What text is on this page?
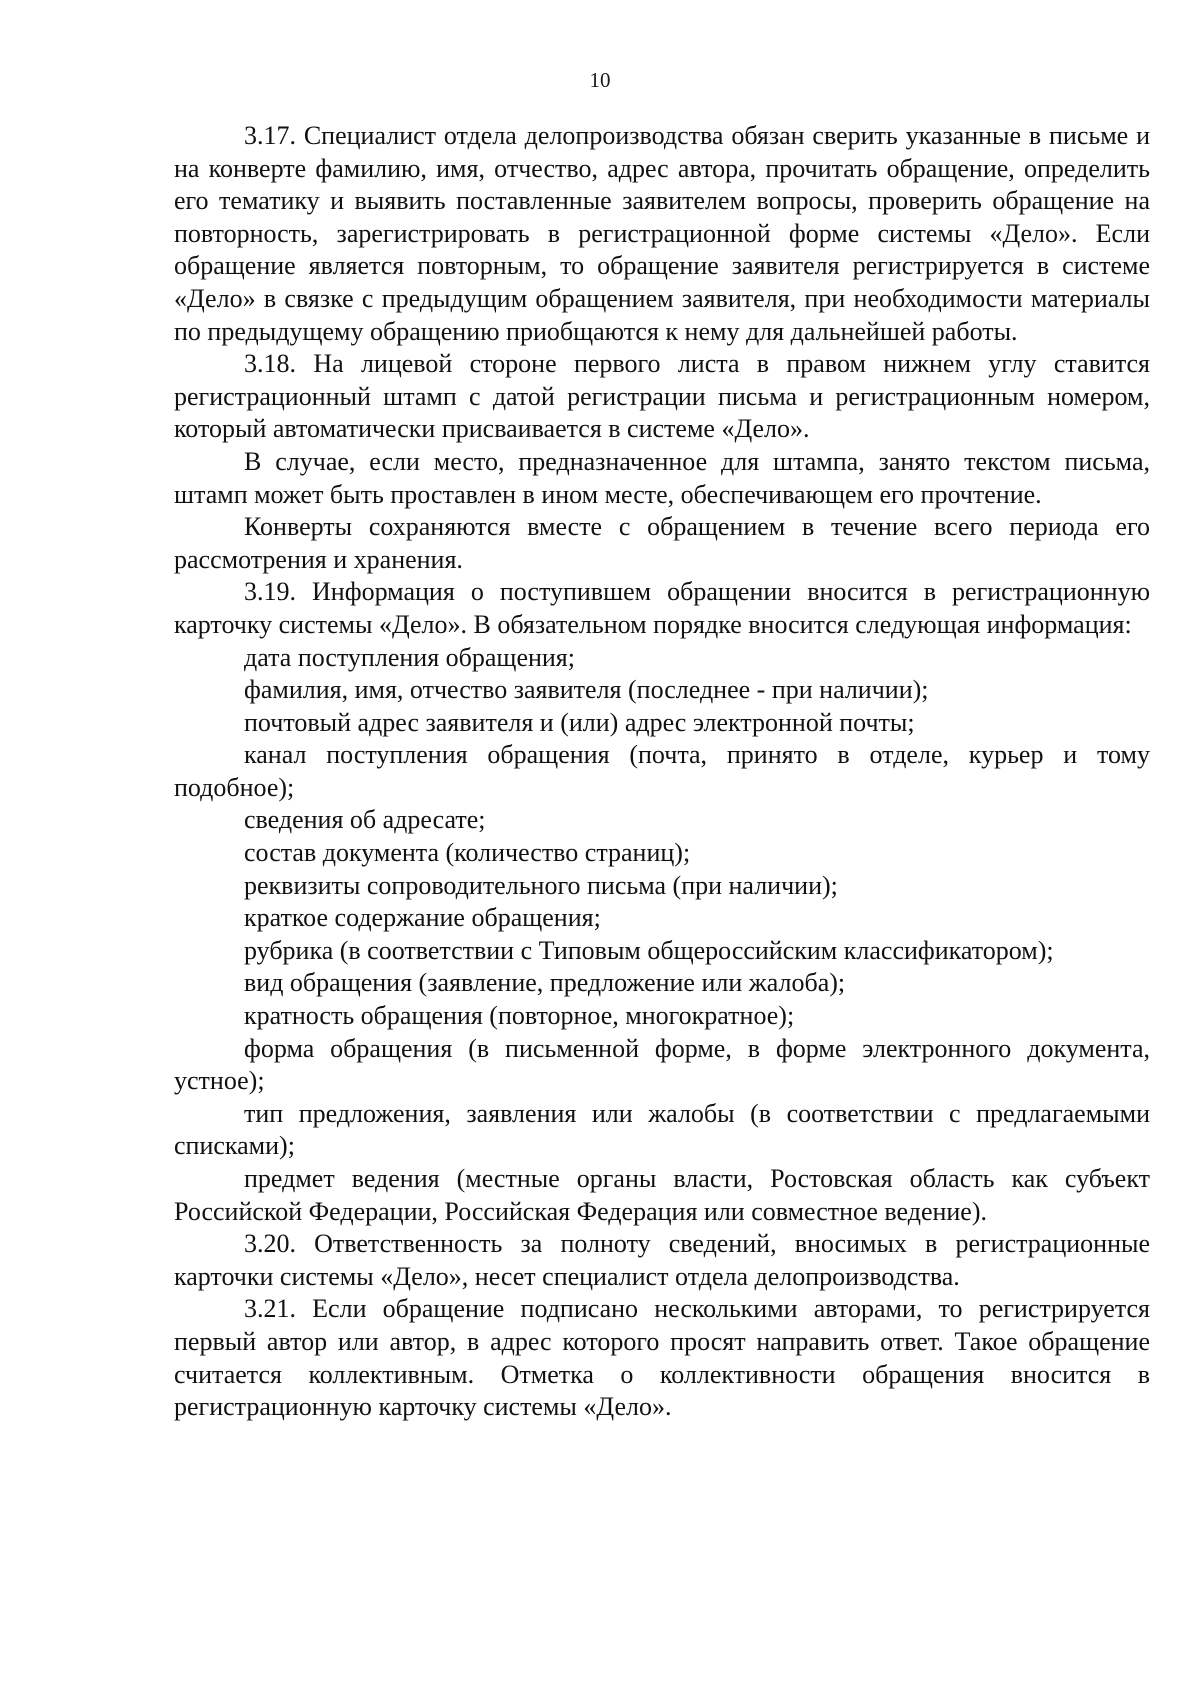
10

3.17. Специалист отдела делопроизводства обязан сверить указанные в письме и на конверте фамилию, имя, отчество, адрес автора, прочитать обращение, определить его тематику и выявить поставленные заявителем вопросы, проверить обращение на повторность, зарегистрировать в регистрационной форме системы «Дело». Если обращение является повторным, то обращение заявителя регистрируется в системе «Дело» в связке с предыдущим обращением заявителя, при необходимости материалы по предыдущему обращению приобщаются к нему для дальнейшей работы.

3.18. На лицевой стороне первого листа в правом нижнем углу ставится регистрационный штамп с датой регистрации письма и регистрационным номером, который автоматически присваивается в системе «Дело».

В случае, если место, предназначенное для штампа, занято текстом письма, штамп может быть проставлен в ином месте, обеспечивающем его прочтение.

Конверты сохраняются вместе с обращением в течение всего периода его рассмотрения и хранения.

3.19. Информация о поступившем обращении вносится в регистрационную карточку системы «Дело». В обязательном порядке вносится следующая информация:

дата поступления обращения;

фамилия, имя, отчество заявителя (последнее - при наличии);

почтовый адрес заявителя и (или) адрес электронной почты;

канал поступления обращения (почта, принято в отделе, курьер и тому подобное);

сведения об адресате;

состав документа (количество страниц);

реквизиты сопроводительного письма (при наличии);

краткое содержание обращения;

рубрика (в соответствии с Типовым общероссийским классификатором);

вид обращения (заявление, предложение или жалоба);

кратность обращения (повторное, многократное);

форма обращения (в письменной форме, в форме электронного документа, устное);

тип предложения, заявления или жалобы (в соответствии с предлагаемыми списками);

предмет ведения (местные органы власти, Ростовская область как субъект Российской Федерации, Российская Федерация или совместное ведение).

3.20. Ответственность за полноту сведений, вносимых в регистрационные карточки системы «Дело», несет специалист отдела делопроизводства.

3.21. Если обращение подписано несколькими авторами, то регистрируется первый автор или автор, в адрес которого просят направить ответ. Такое обращение считается коллективным. Отметка о коллективности обращения вносится в регистрационную карточку системы «Дело».
